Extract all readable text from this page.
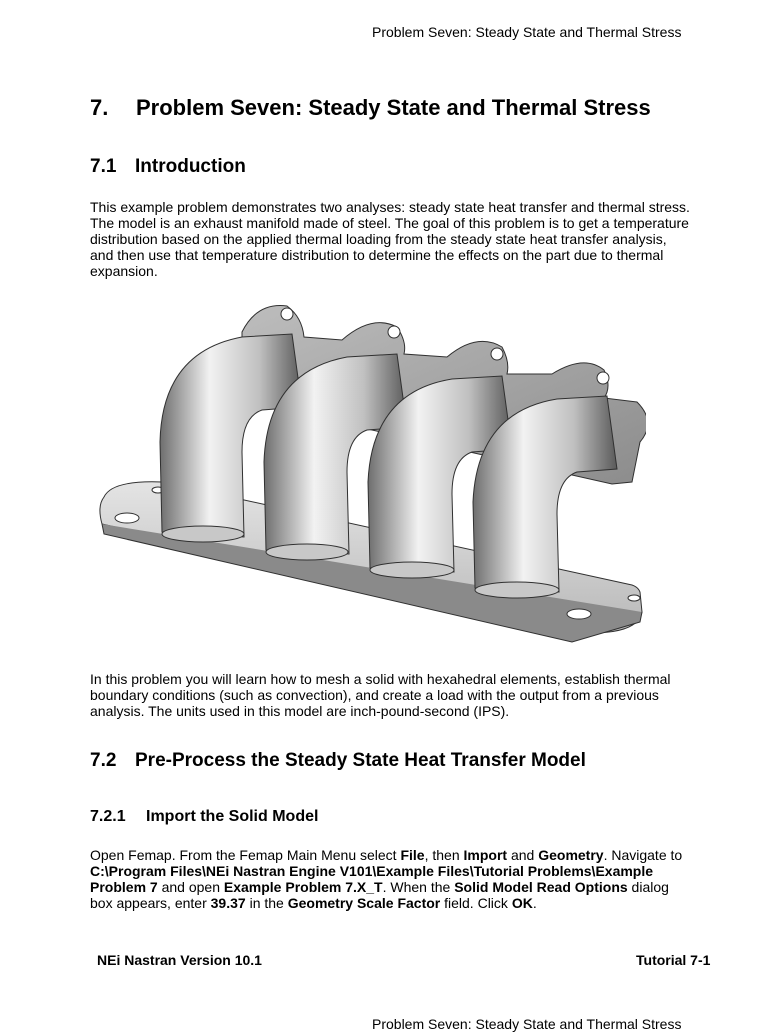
Problem Seven: Steady State and Thermal Stress
7. Problem Seven: Steady State and Thermal Stress
7.1 Introduction

This example problem demonstrates two analyses: steady state heat transfer and thermal stress. The model is an exhaust manifold made of steel. The goal of this problem is to get a temperature distribution based on the applied thermal loading from the steady state heat transfer analysis, and then use that temperature distribution to determine the effects on the part due to thermal expansion.

In this problem you will learn how to mesh a solid with hexahedral elements, establish thermal boundary conditions (such as convection), and create a load with the output from a previous analysis. The units used in this model are inch-pound-second (IPS).

7.2 Pre-Process the Steady State Heat Transfer Model
7.2.1 Import the Solid Model

Open Femap. From the Femap Main Menu select File, then Import and Geometry. Navigate to C:\Program Files\NEi Nastran Engine V101\Example Files\Tutorial Problems\Example Problem 7 and open Example Problem 7.X_T. When the Solid Model Read Options dialog box appears, enter 39.37 in the Geometry Scale Factor field. Click OK.

NEi Nastran Version 10.1	Tutorial 7-1
Problem Seven: Steady State and Thermal Stress
